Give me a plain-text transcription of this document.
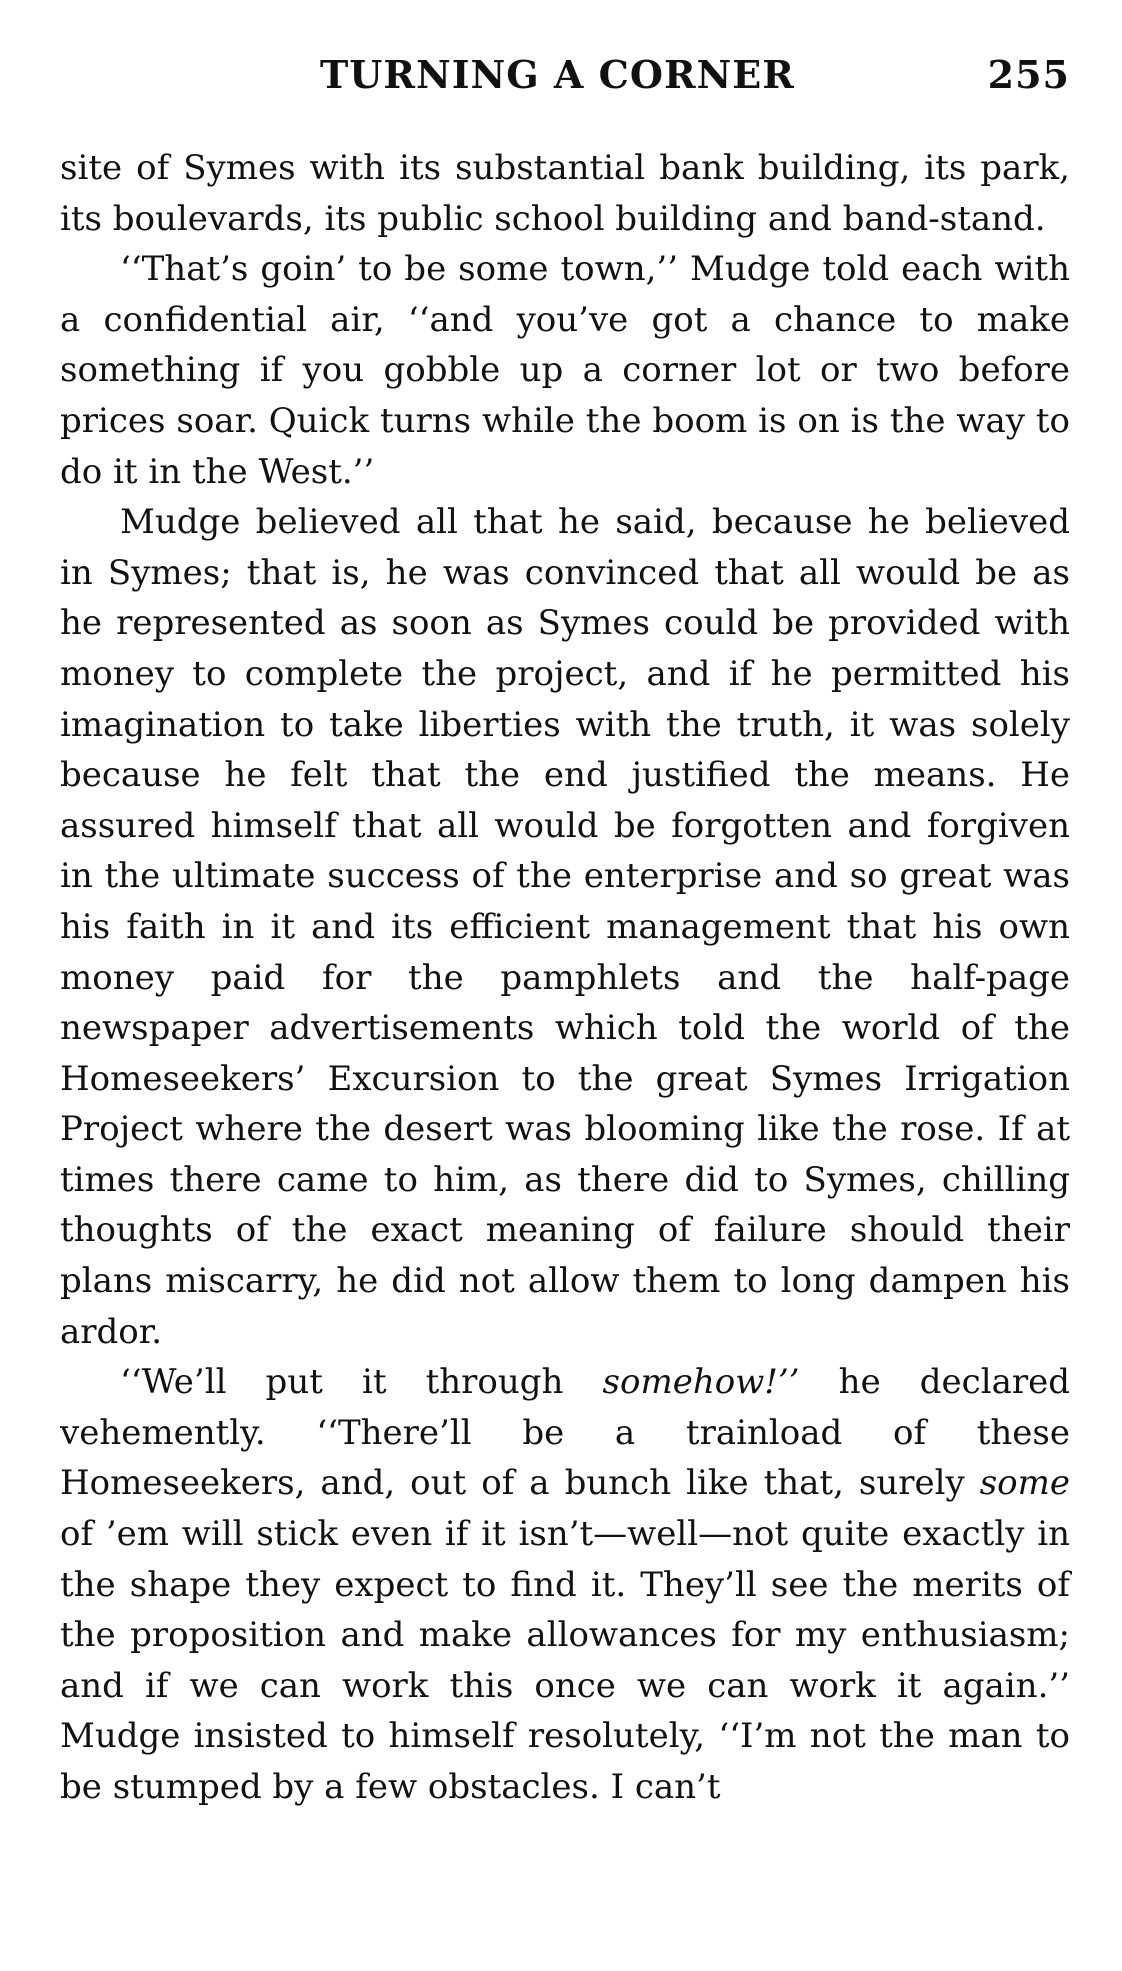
TURNING A CORNER	255

site of Symes with its substantial bank building, its park, its boulevards, its public school building and band-stand.

‘‘That’s goin’ to be some town,’’ Mudge told each with a confidential air, ‘‘and you’ve got a chance to make something if you gobble up a corner lot or two before prices soar. Quick turns while the boom is on is the way to do it in the West.’’

Mudge believed all that he said, because he believed in Symes; that is, he was convinced that all would be as he represented as soon as Symes could be provided with money to complete the project, and if he permitted his imagination to take liberties with the truth, it was solely because he felt that the end justified the means. He assured himself that all would be forgotten and forgiven in the ultimate success of the enterprise and so great was his faith in it and its efficient management that his own money paid for the pamphlets and the half-page newspaper advertisements which told the world of the Homeseekers’ Excursion to the great Symes Irrigation Project where the desert was blooming like the rose. If at times there came to him, as there did to Symes, chilling thoughts of the exact meaning of failure should their plans miscarry, he did not allow them to long dampen his ardor.

‘‘We’ll put it through somehow!’’ he declared vehemently. ‘‘There’ll be a trainload of these Homeseekers, and, out of a bunch like that, surely some of ’em will stick even if it isn’t—well—not quite exactly in the shape they expect to find it. They’ll see the merits of the proposition and make allowances for my enthusiasm; and if we can work this once we can work it again.’’ Mudge insisted to himself resolutely, ‘‘I’m not the man to be stumped by a few obstacles. I can’t
